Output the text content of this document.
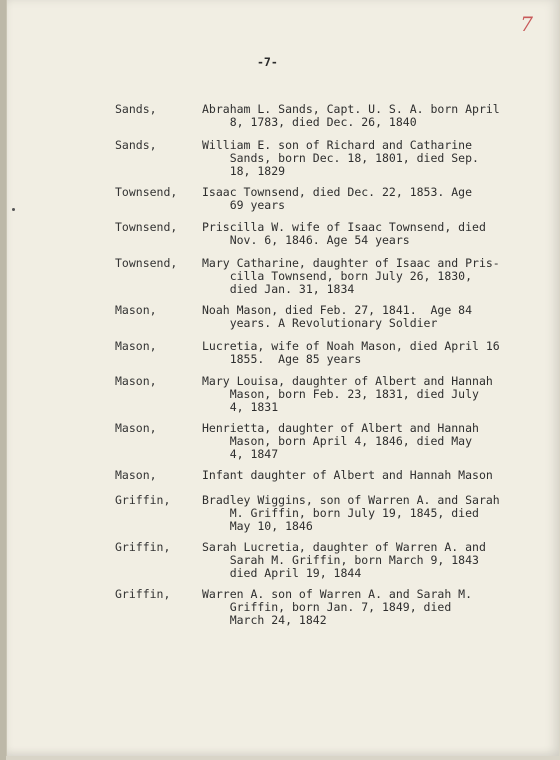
7
-7-
Sands,	Abraham L. Sands, Capt. U. S. A. born April
8, 1783, died Dec. 26, 1840
Sands,	William E. son of Richard and Catharine
Sands, born Dec. 18, 1801, died Sep.
18, 1829
Townsend, Isaac Townsend, died Dec. 22, 1853. Age
69 years
Townsend, Priscilla W. wife of Isaac Townsend, died
Nov. 6, 1846. Age 54 years
Townsend, Mary Catharine, daughter of Isaac and Pris-
cilla Townsend, born July 26, 1830,
died Jan. 31, 1834
Mason,	Noah Mason, died Feb. 27, 1841.  Age 84
years. A Revolutionary Soldier
Mason,	Lucretia, wife of Noah Mason, died April 16
1855.  Age 85 years
Mason,	Mary Louisa, daughter of Albert and Hannah
Mason, born Feb. 23, 1831, died July
4, 1831
Mason,	Henrietta, daughter of Albert and Hannah
Mason, born April 4, 1846, died May
4, 1847
Mason,	Infant daughter of Albert and Hannah Mason
Griffin,	Bradley Wiggins, son of Warren A. and Sarah
M. Griffin, born July 19, 1845, died
May 10, 1846
Griffin,	Sarah Lucretia, daughter of Warren A. and
Sarah M. Griffin, born March 9, 1843
died April 19, 1844
Griffin,	Warren A. son of Warren A. and Sarah M.
Griffin, born Jan. 7, 1849, died
March 24, 1842
